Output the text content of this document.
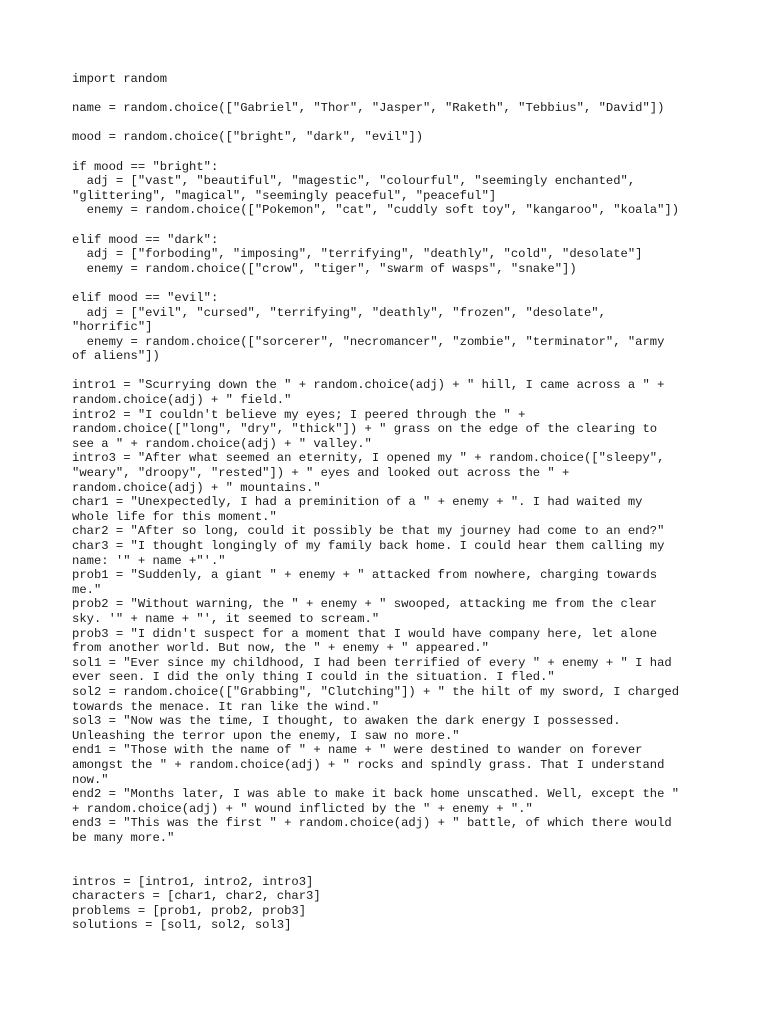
import random
name = random.choice(["Gabriel", "Thor", "Jasper", "Raketh", "Tebbius", "David"])
mood = random.choice(["bright", "dark", "evil"])
if mood == "bright":
adj = ["vast", "beautiful", "magestic", "colourful", "seemingly enchanted",
"glittering", "magical", "seemingly peaceful", "peaceful"]
enemy = random.choice(["Pokemon", "cat", "cuddly soft toy", "kangaroo", "koala"])
elif mood == "dark":
adj = ["forboding", "imposing", "terrifying", "deathly", "cold", "desolate"]
enemy = random.choice(["crow", "tiger", "swarm of wasps", "snake"])
elif mood == "evil":
adj = ["evil", "cursed", "terrifying", "deathly", "frozen", "desolate",
"horrific"]
enemy = random.choice(["sorcerer", "necromancer", "zombie", "terminator", "army
of aliens"])
intro1 = "Scurrying down the " + random.choice(adj) + " hill, I came across a " +
random.choice(adj) + " field."
intro2 = "I couldn't believe my eyes; I peered through the " +
random.choice(["long", "dry", "thick"]) + " grass on the edge of the clearing to
see a " + random.choice(adj) + " valley."
intro3 = "After what seemed an eternity, I opened my " + random.choice(["sleepy",
"weary", "droopy", "rested"]) + " eyes and looked out across the " +
random.choice(adj) + " mountains."
char1 = "Unexpectedly, I had a preminition of a " + enemy + ". I had waited my
whole life for this moment."
char2 = "After so long, could it possibly be that my journey had come to an end?"
char3 = "I thought longingly of my family back home. I could hear them calling my
name: '" + name +"'."
prob1 = "Suddenly, a giant " + enemy + " attacked from nowhere, charging towards
me."
prob2 = "Without warning, the " + enemy + " swooped, attacking me from the clear
sky. '" + name + "', it seemed to scream."
prob3 = "I didn't suspect for a moment that I would have company here, let alone
from another world. But now, the " + enemy + " appeared."
sol1 = "Ever since my childhood, I had been terrified of every " + enemy + " I had
ever seen. I did the only thing I could in the situation. I fled."
sol2 = random.choice(["Grabbing", "Clutching"]) + " the hilt of my sword, I charged
towards the menace. It ran like the wind."
sol3 = "Now was the time, I thought, to awaken the dark energy I possessed.
Unleashing the terror upon the enemy, I saw no more."
end1 = "Those with the name of " + name + " were destined to wander on forever
amongst the " + random.choice(adj) + " rocks and spindly grass. That I understand
now."
end2 = "Months later, I was able to make it back home unscathed. Well, except the "
+ random.choice(adj) + " wound inflicted by the " + enemy + "."
end3 = "This was the first " + random.choice(adj) + " battle, of which there would
be many more."
intros = [intro1, intro2, intro3]
characters = [char1, char2, char3]
problems = [prob1, prob2, prob3]
solutions = [sol1, sol2, sol3]
